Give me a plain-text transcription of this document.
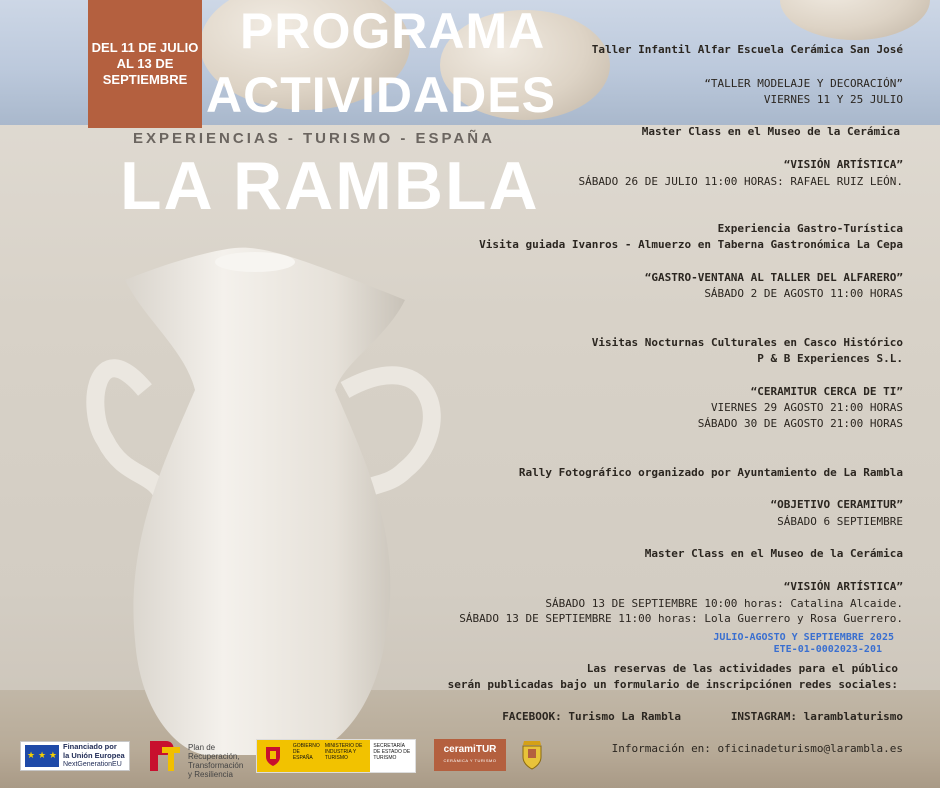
DEL 11 DE JULIO
AL 13 DE
SEPTIEMBRE
PROGRAMA
ACTIVIDADES
EXPERIENCIAS - TURISMO - ESPAÑA
LA RAMBLA
Taller Infantil Alfar Escuela Cerámica San José
“TALLER MODELAJE Y DECORACIÓN”
VIERNES 11 Y 25 JULIO
Master Class en el Museo de la Cerámica
“VISIÓN ARTÍSTICA”
SÁBADO 26 DE JULIO 11:00 HORAS: RAFAEL RUIZ LEÓN.
Experiencia Gastro-Turística
Visita guiada Ivanros - Almuerzo en Taberna Gastronómica La Cepa
“GASTRO-VENTANA AL TALLER DEL ALFARERO”
SÁBADO 2 DE AGOSTO 11:00 HORAS
Visitas Nocturnas Culturales en Casco Histórico
P & B Experiences S.L.
“CERAMITUR CERCA DE TI”
VIERNES 29 AGOSTO 21:00 HORAS
SÁBADO 30 DE AGOSTO 21:00 HORAS
Rally Fotográfico organizado por Ayuntamiento de La Rambla
“OBJETIVO CERAMITUR”
SÁBADO 6 SEPTIEMBRE
Master Class en el Museo de la Cerámica
“VISIÓN ARTÍSTICA”
SÁBADO 13 DE SEPTIEMBRE 10:00 horas: Catalina Alcaide.
SÁBADO 13 DE SEPTIEMBRE 11:00 horas: Lola Guerrero y Rosa Guerrero.
JULIO-AGOSTO Y SEPTIEMBRE 2025
ETE-01-0002023-201
Las reservas de las actividades para el público
serán publicadas bajo un formulario de inscripciónen redes sociales:
FACEBOOK: Turismo La Rambla	INSTAGRAM: laramblaturismo
Información en: oficinadeturismo@larambla.es
★ ★ ★
Financiado por
la Unión Europea
NextGenerationEU
Plan de
Recuperación,
Transformación
y Resiliencia
GOBIERNO DE ESPAÑA
MINISTERIO DE INDUSTRIA Y TURISMO
SECRETARÍA DE ESTADO DE TURISMO
ceramiTUR
CERÁMICA Y TURISMO
